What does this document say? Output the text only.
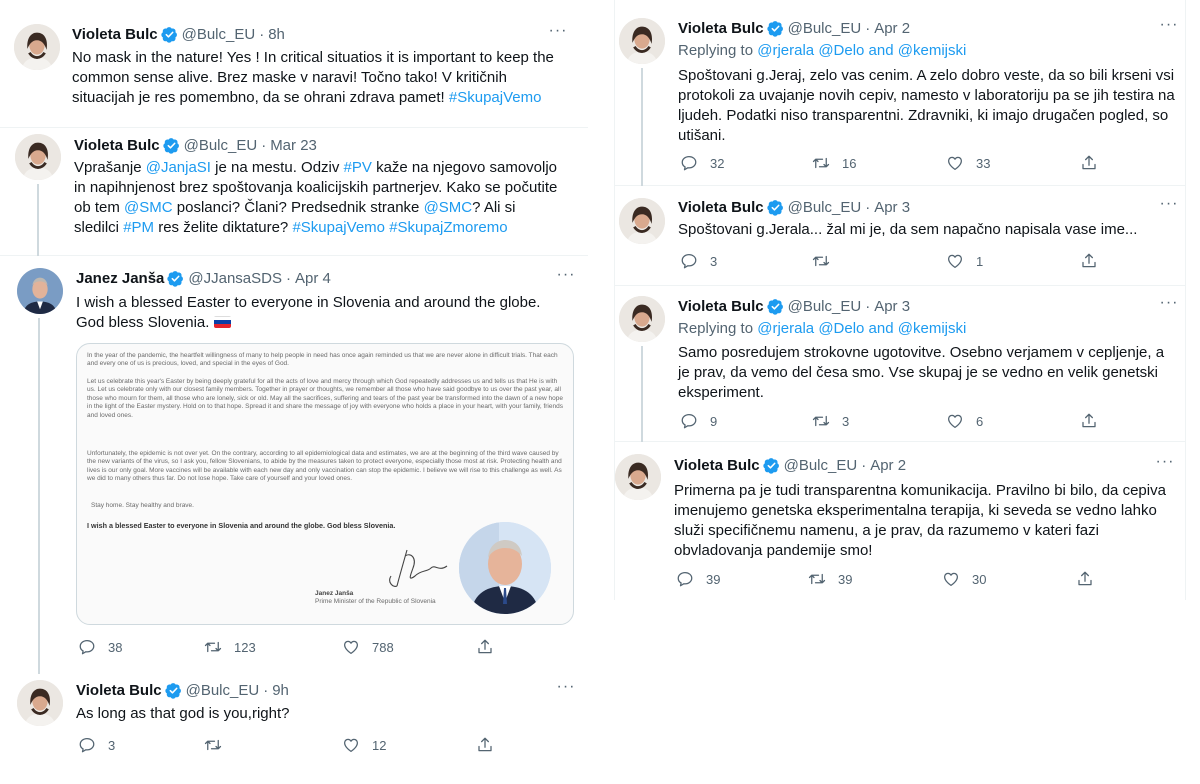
Violeta Bulc @Bulc_EU · 8h	···
No mask in the nature! Yes ! In critical situatios it is important to keep the common sense alive. Brez maske v naravi! Točno tako! V kritičnih situacijah je res pomembno, da se ohrani zdrava pamet! #SkupajVemo
Violeta Bulc @Bulc_EU · Mar 23
Vprašanje @JanjaSI je na mestu. Odziv #PV kaže na njegovo samovoljo in napihnjenost brez spoštovanja koalicijskih partnerjev. Kako se počutite ob tem @SMC poslanci? Člani? Predsednik stranke @SMC? Ali si sledilci #PM res želite diktature? #SkupajVemo #SkupajZmoremo
Janez Janša @JJansaSDS · Apr 4	···
I wish a blessed Easter to everyone in Slovenia and around the globe. God bless Slovenia.

In the year of the pandemic, the heartfelt willingness of many to help people in need has once again reminded us that we are never alone in difficult trials. That each and every one of us is precious, loved, and special in the eyes of God.

Let us celebrate this year's Easter by being deeply grateful for all the acts of love and mercy through which God repeatedly addresses us and tells us that He is with us. Let us celebrate only with our closest family members. Together in prayer or thoughts, we remember all those who have said goodbye to us over the past year, all those who mourn for them, all those who are lonely, sick or old. May all the sacrifices, suffering and tears of the past year be transformed into the dawn of a new hope in the light of the Easter mystery. Hold on to that hope. Spread it and share the message of joy with everyone who holds a place in your heart, with your family, friends and loved ones.

Unfortunately, the epidemic is not over yet. On the contrary, according to all epidemiological data and estimates, we are at the beginning of the third wave caused by the new variants of the virus, so I ask you, fellow Slovenians, to abide by the measures taken to protect everyone, especially those most at risk. Protecting health and lives is our only goal. More vaccines will be available with each new day and only vaccination can stop the epidemic. I believe we will rise to this challenge as well. As we did to many others thus far. Do not lose hope. Take care of yourself and your loved ones.

Stay home. Stay healthy and brave.

I wish a blessed Easter to everyone in Slovenia and around the globe. God bless Slovenia.

Janez Janša

Prime Minister of the Republic of Slovenia

38	123	788
Violeta Bulc @Bulc_EU · 9h	···
As long as that god is you,right?
3	12
Violeta Bulc @Bulc_EU · Apr 2	···
Replying to @rjerala @Delo and @kemijski
Spoštovani g.Jeraj, zelo vas cenim. A zelo dobro veste, da so bili krseni vsi protokoli za uvajanje novih cepiv, namesto v laboratoriju pa se jih testira na ljudeh. Podatki niso transparentni. Zdravniki, ki imajo drugačen pogled, so utišani.
32	16	33
Violeta Bulc @Bulc_EU · Apr 3	···
Spoštovani g.Jerala... žal mi je, da sem napačno napisala vase ime...
3	1
Violeta Bulc @Bulc_EU · Apr 3	···
Replying to @rjerala @Delo and @kemijski
Samo posredujem strokovne ugotovitve. Osebno verjamem v cepljenje, a je prav, da vemo del česa smo. Vse skupaj je se vedno en velik genetski eksperiment.
9	3	6
Violeta Bulc @Bulc_EU · Apr 2	···
Primerna pa je tudi transparentna komunikacija. Pravilno bi bilo, da cepiva imenujemo genetska eksperimentalna terapija, ki seveda se vedno lahko služi specifičnemu namenu, a je prav, da razumemo v kateri fazi obvladovanja pandemije smo!
39	39	30
